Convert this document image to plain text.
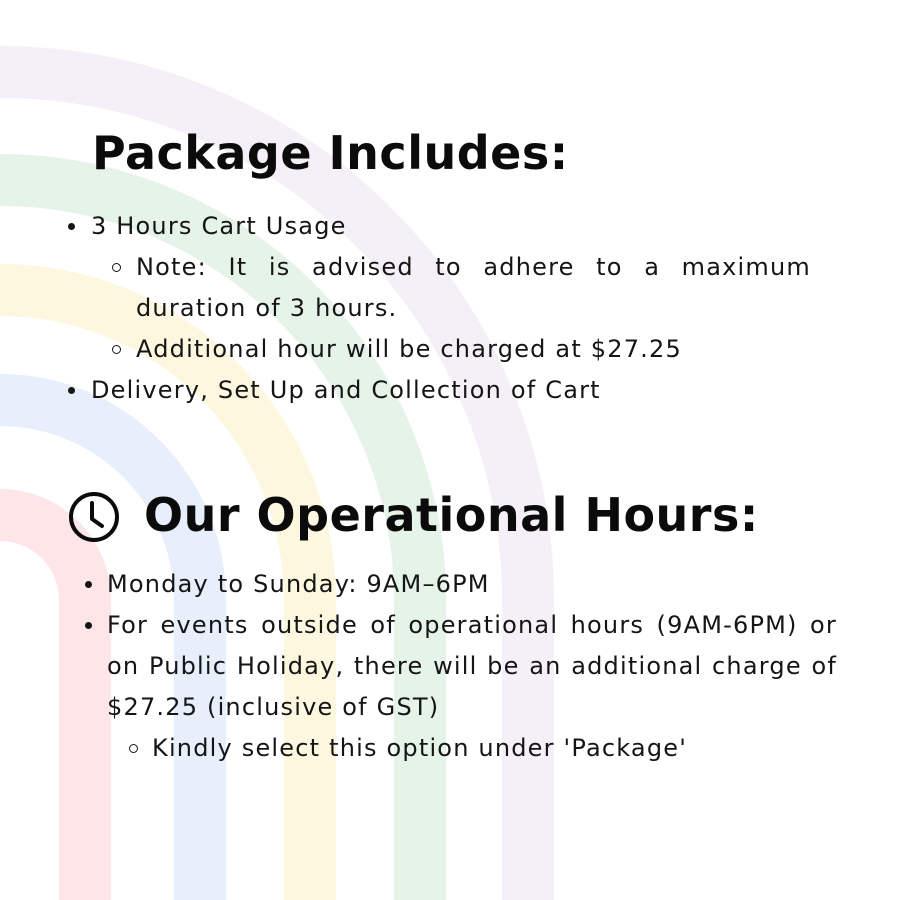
Package Includes:
3 Hours Cart Usage
Note: It is advised to adhere to a maximum duration of 3 hours.
Additional hour will be charged at $27.25
Delivery, Set Up and Collection of Cart
Our Operational Hours:
Monday to Sunday: 9AM–6PM
For events outside of operational hours (9AM-6PM) or on Public Holiday, there will be an additional charge of $27.25 (inclusive of GST)
Kindly select this option under 'Package'
